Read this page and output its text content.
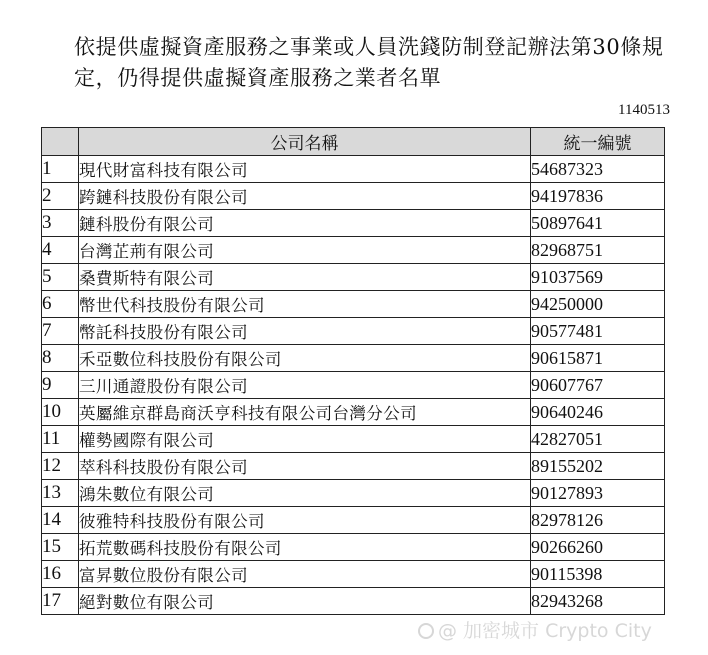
依提供虛擬資產服務之事業或人員洗錢防制登記辦法第30條規定，仍得提供虛擬資產服務之業者名單
1140513
	公司名稱	統一編號
1	現代財富科技有限公司	54687323
2	跨鏈科技股份有限公司	94197836
3	鏈科股份有限公司	50897641
4	台灣芷荊有限公司	82968751
5	桑費斯特有限公司	91037569
6	幣世代科技股份有限公司	94250000
7	幣託科技股份有限公司	90577481
8	禾亞數位科技股份有限公司	90615871
9	三川通證股份有限公司	90607767
10	英屬維京群島商沃亨科技有限公司台灣分公司	90640246
11	權勢國際有限公司	42827051
12	萃科科技股份有限公司	89155202
13	鴻朱數位有限公司	90127893
14	彼雅特科技股份有限公司	82978126
15	拓荒數碼科技股份有限公司	90266260
16	富昇數位股份有限公司	90115398
17	絕對數位有限公司	82943268
@ 加密城市 Crypto City
